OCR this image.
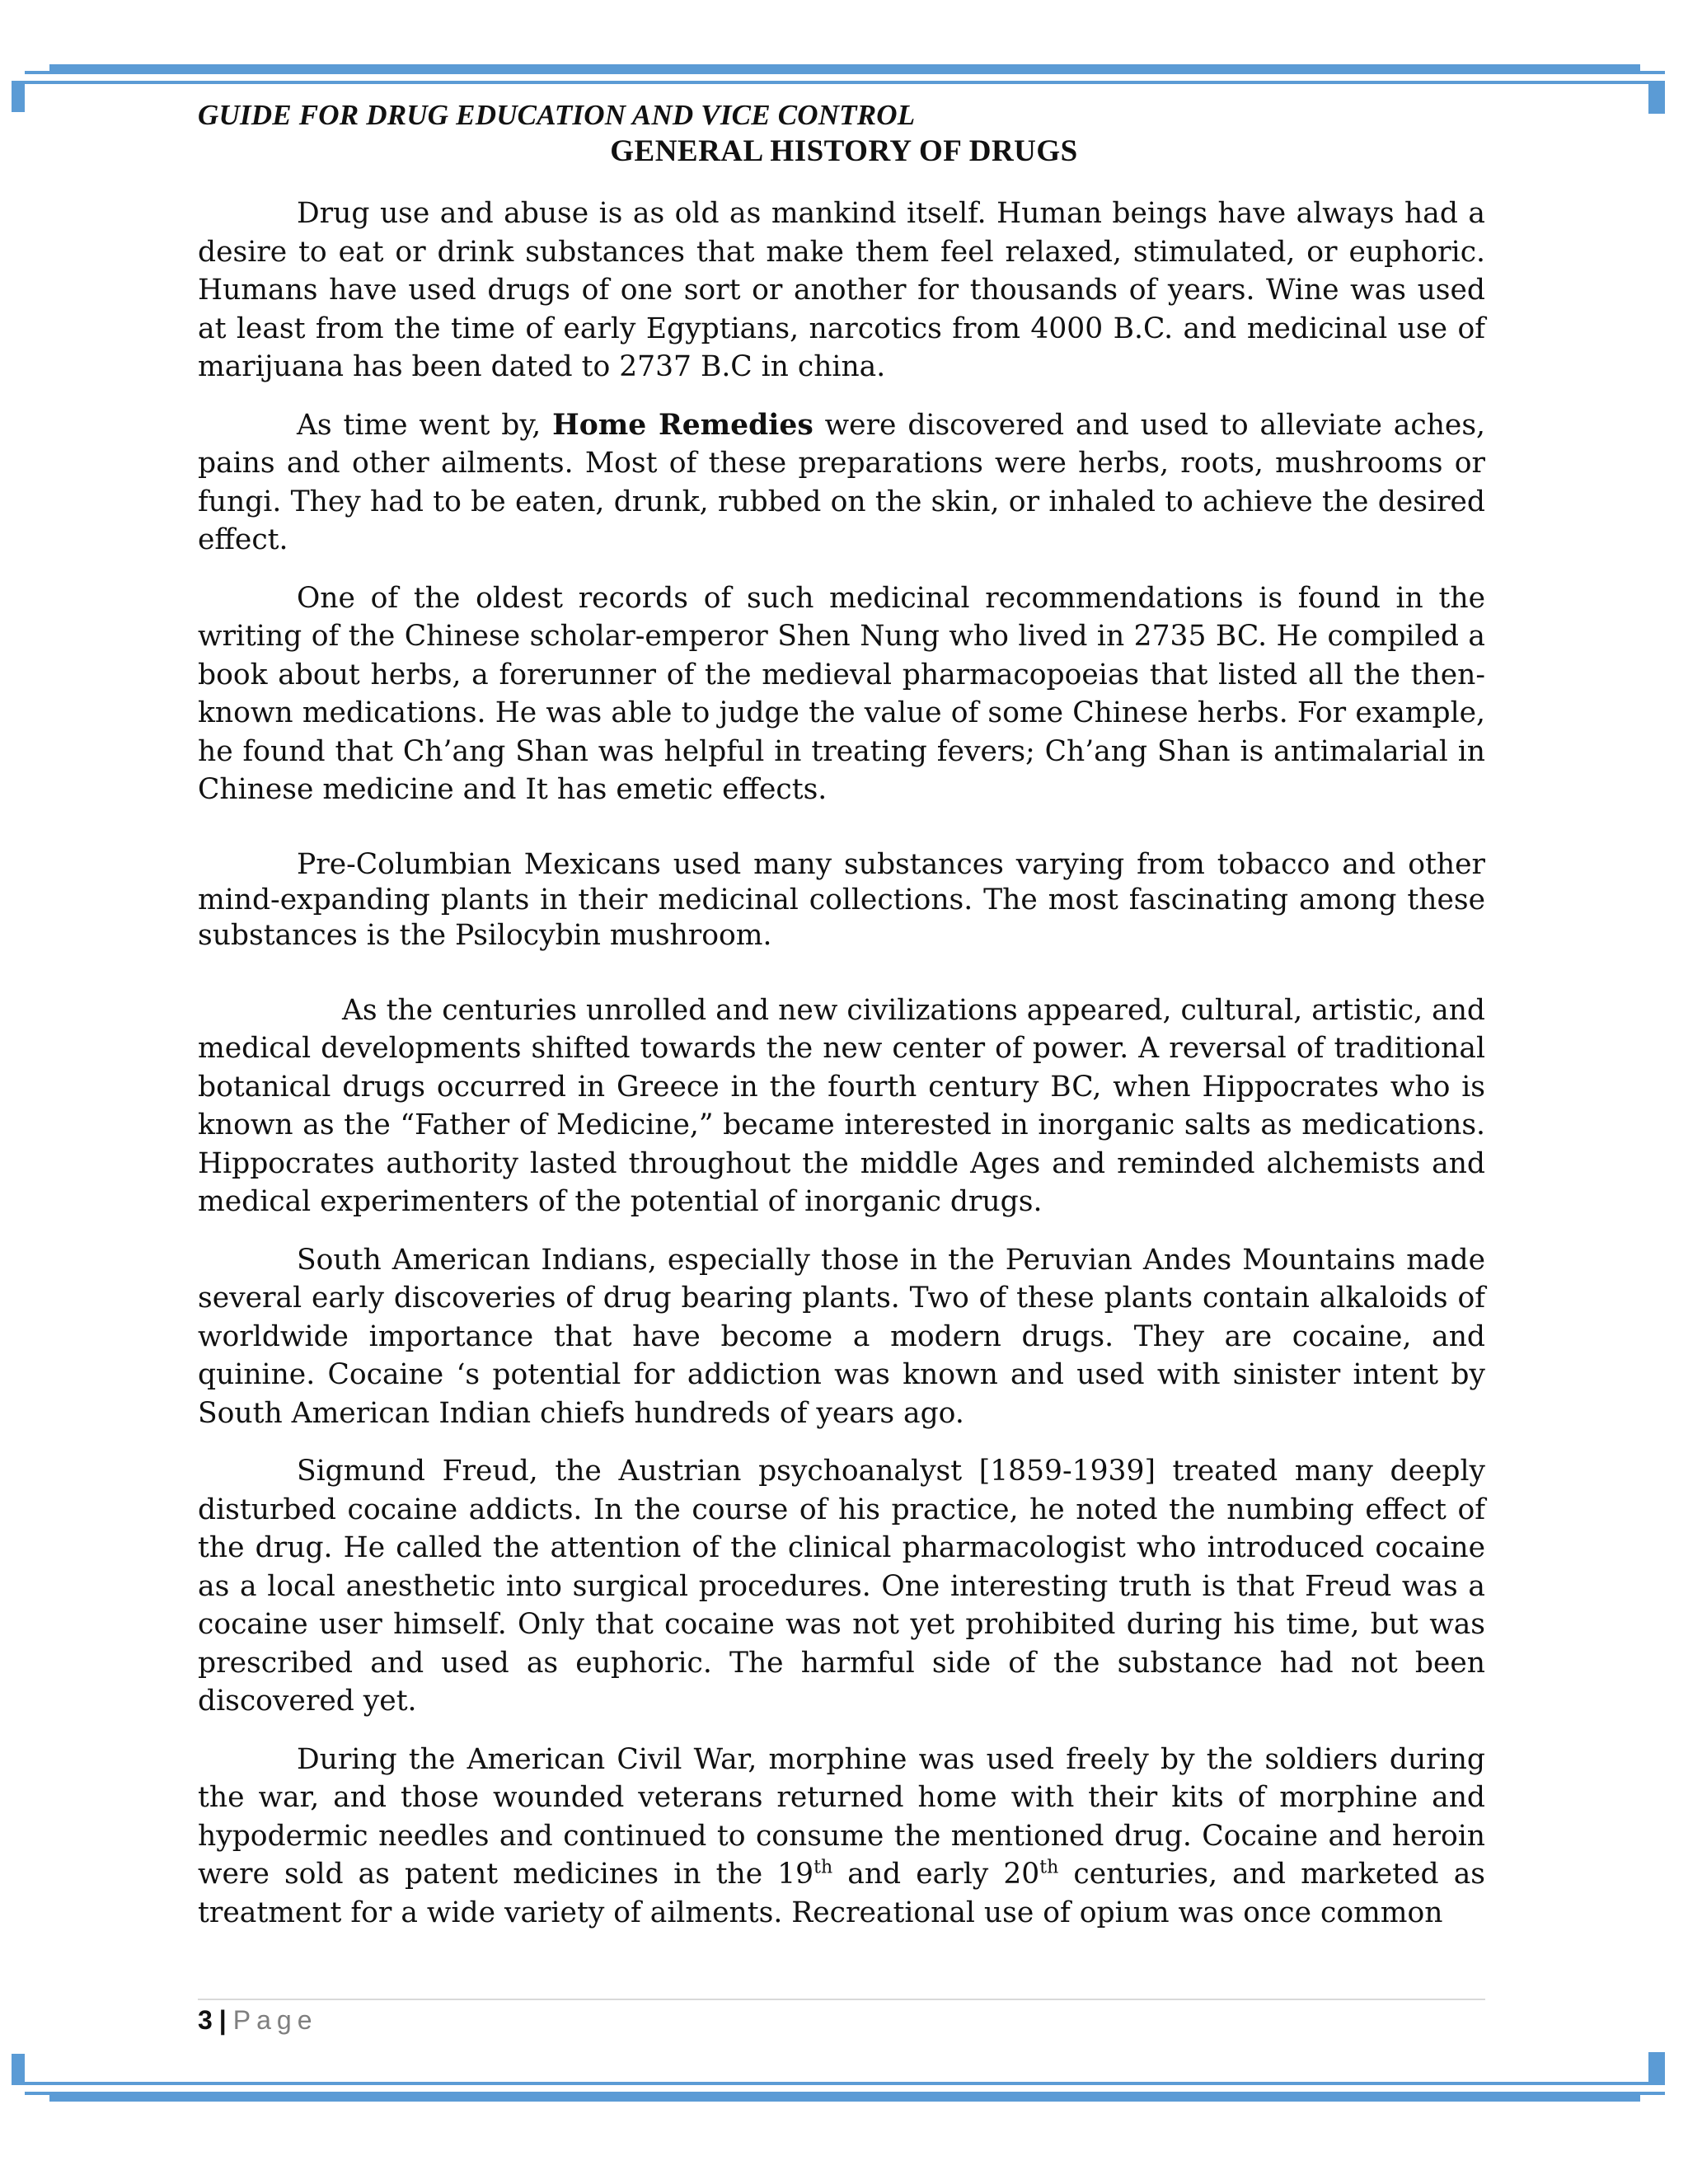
GUIDE FOR DRUG EDUCATION AND VICE CONTROL
GENERAL HISTORY OF DRUGS

Drug use and abuse is as old as mankind itself. Human beings have always had a desire to eat or drink substances that make them feel relaxed, stimulated, or euphoric. Humans have used drugs of one sort or another for thousands of years. Wine was used at least from the time of early Egyptians, narcotics from 4000 B.C. and medicinal use of marijuana has been dated to 2737 B.C in china.

As time went by, Home Remedies were discovered and used to alleviate aches, pains and other ailments. Most of these preparations were herbs, roots, mushrooms or fungi. They had to be eaten, drunk, rubbed on the skin, or inhaled to achieve the desired effect.

One of the oldest records of such medicinal recommendations is found in the writing of the Chinese scholar-emperor Shen Nung who lived in 2735 BC. He compiled a book about herbs, a forerunner of the medieval pharmacopoeias that listed all the then-known medications. He was able to judge the value of some Chinese herbs. For example, he found that Ch’ang Shan was helpful in treating fevers; Ch’ang Shan is antimalarial in Chinese medicine and It has emetic effects.

Pre-Columbian Mexicans used many substances varying from tobacco and other mind-expanding plants in their medicinal collections. The most fascinating among these substances is the Psilocybin mushroom.

As the centuries unrolled and new civilizations appeared, cultural, artistic, and medical developments shifted towards the new center of power. A reversal of traditional botanical drugs occurred in Greece in the fourth century BC, when Hippocrates who is known as the “Father of Medicine,” became interested in inorganic salts as medications. Hippocrates authority lasted throughout the middle Ages and reminded alchemists and medical experimenters of the potential of inorganic drugs.

South American Indians, especially those in the Peruvian Andes Mountains made several early discoveries of drug bearing plants. Two of these plants contain alkaloids of worldwide importance that have become a modern drugs. They are cocaine, and quinine. Cocaine ‘s potential for addiction was known and used with sinister intent by South American Indian chiefs hundreds of years ago.

Sigmund Freud, the Austrian psychoanalyst [1859-1939] treated many deeply disturbed cocaine addicts. In the course of his practice, he noted the numbing effect of the drug. He called the attention of the clinical pharmacologist who introduced cocaine as a local anesthetic into surgical procedures. One interesting truth is that Freud was a cocaine user himself. Only that cocaine was not yet prohibited during his time, but was prescribed and used as euphoric. The harmful side of the substance had not been discovered yet.

During the American Civil War, morphine was used freely by the soldiers during the war, and those wounded veterans returned home with their kits of morphine and hypodermic needles and continued to consume the mentioned drug. Cocaine and heroin were sold as patent medicines in the 19th and early 20th centuries, and marketed as treatment for a wide variety of ailments. Recreational use of opium was once common

3 | Page
